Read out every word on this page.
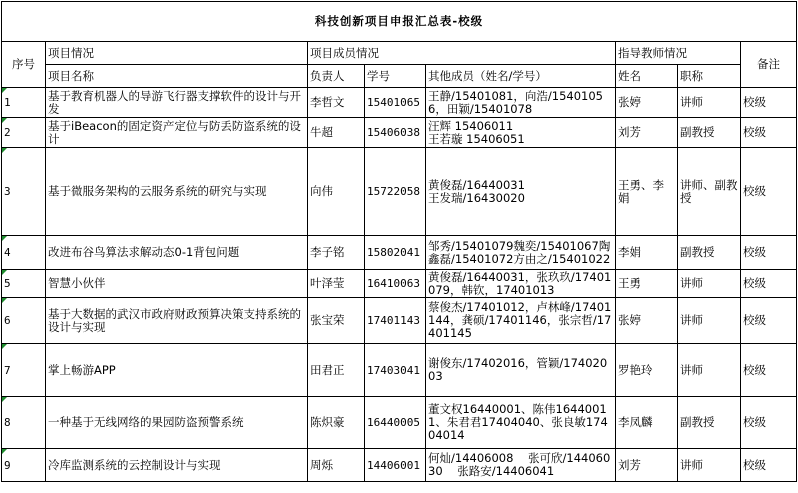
科技创新项目申报汇总表-校级							
序号	项目情况	项目成员情况			指导教师情况		备注
	项目名称	负责人	学号	其他成员（姓名/学号）	姓名	职称	

1	基于教育机器人的导游飞行器支撑软件的设计与开发	李哲文	15401065	王静/15401081，向浩/15401056，田颖/15401078	张婷	讲师	校级

2	基于iBeacon的固定资产定位与防丢防盗系统的设计	牛超	15406038	汪辉 15406011
王若璇 15406051	刘芳	副教授	校级

3	基于微服务架构的云服务系统的研究与实现	向伟	15722058	黄俊磊/16440031
王发瑞/16430020	王勇、李娟	讲师、副教授	校级

4	改进布谷鸟算法求解动态0-1背包问题	李子铭	15802041	邹秀/15401079魏奕/15401067陶鑫磊/15401072方由之/15401022	李娟	副教授	校级

5	智慧小伙伴	叶泽莹	16410063	黄俊磊/16440031，张玖玖/17401079，韩钦，17401013	王勇	讲师	校级

6	基于大数据的武汉市政府财政预算决策支持系统的设计与实现	张宝荣	17401143	蔡俊杰/17401012，卢林峰/17401144，龚硕/17401146，张宗哲/17401145	张婷	讲师	校级

7	掌上畅游APP	田君正	17403041	谢俊东/17402016，管颖/17402003	罗艳玲	讲师	校级

8	一种基于无线网络的果园防盗预警系统	陈炽豪	16440005	董文权16440001、陈伟16440011、朱君君17404040、张良敏17404014	李凤麟	副教授	校级

9	冷库监测系统的云控制设计与实现	周烁	14406001	何灿/14406008    张可欣/14406030    张路安/14406041	刘芳	讲师	校级
